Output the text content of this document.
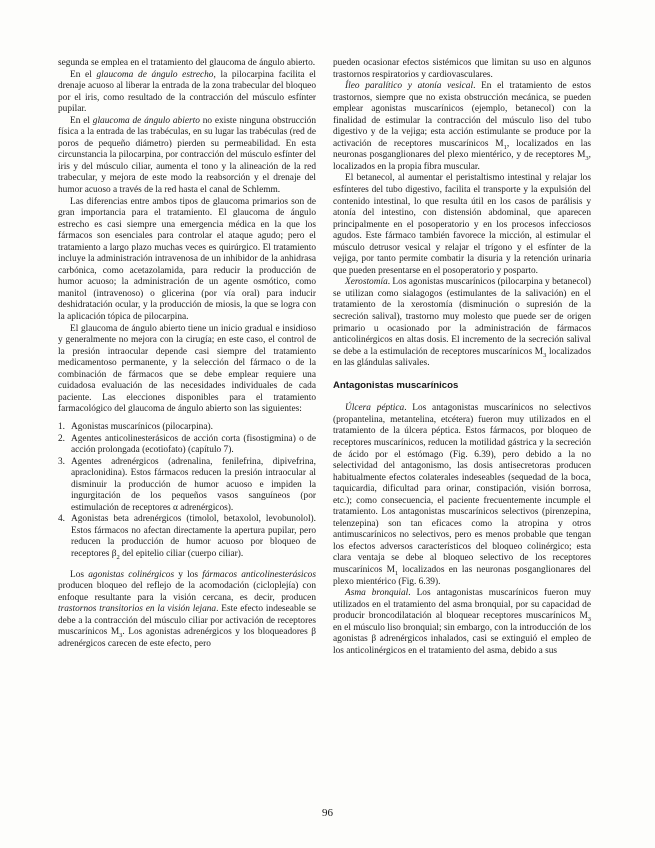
segunda se emplea en el tratamiento del glaucoma de ángulo abierto.

En el glaucoma de ángulo estrecho, la pilocarpina facilita el drenaje acuoso al liberar la entrada de la zona trabecular del bloqueo por el iris, como resultado de la contracción del músculo esfínter pupilar.

En el glaucoma de ángulo abierto no existe ninguna obstrucción física a la entrada de las trabéculas, en su lugar las trabéculas (red de poros de pequeño diámetro) pierden su permeabilidad. En esta circunstancia la pilocarpina, por contracción del músculo esfínter del iris y del músculo ciliar, aumenta el tono y la alineación de la red trabecular, y mejora de este modo la reabsorción y el drenaje del humor acuoso a través de la red hasta el canal de Schlemm.

Las diferencias entre ambos tipos de glaucoma primarios son de gran importancia para el tratamiento. El glaucoma de ángulo estrecho es casi siempre una emergencia médica en la que los fármacos son esenciales para controlar el ataque agudo; pero el tratamiento a largo plazo muchas veces es quirúrgico. El tratamiento incluye la administración intravenosa de un inhibidor de la anhidrasa carbónica, como acetazolamida, para reducir la producción de humor acuoso; la administración de un agente osmótico, como manitol (intravenoso) o glicerina (por vía oral) para inducir deshidratación ocular, y la producción de miosis, la que se logra con la aplicación tópica de pilocarpina.

El glaucoma de ángulo abierto tiene un inicio gradual e insidioso y generalmente no mejora con la cirugía; en este caso, el control de la presión intraocular depende casi siempre del tratamiento medicamentoso permanente, y la selección del fármaco o de la combinación de fármacos que se debe emplear requiere una cuidadosa evaluación de las necesidades individuales de cada paciente. Las elecciones disponibles para el tratamiento farmacológico del glaucoma de ángulo abierto son las siguientes:

1. Agonistas muscarínicos (pilocarpina).
2. Agentes anticolinesterásicos de acción corta (fisostigmina) o de acción prolongada (ecotiofato) (capítulo 7).
3. Agentes adrenérgicos (adrenalina, fenilefrina, dipivefrina, apraclonidina). Estos fármacos reducen la presión intraocular al disminuir la producción de humor acuoso e impiden la ingurgitación de los pequeños vasos sanguíneos (por estimulación de receptores α adrenérgicos).
4. Agonistas beta adrenérgicos (timolol, betaxolol, levobunolol). Estos fármacos no afectan directamente la apertura pupilar, pero reducen la producción de humor acuoso por bloqueo de receptores $\beta_2$ del epitelio ciliar (cuerpo ciliar).

Los agonistas colinérgicos y los fármacos anticolinesterásicos producen bloqueo del reflejo de la acomodación (cicloplejía) con enfoque resultante para la visión cercana, es decir, producen trastornos transitorios en la visión lejana. Este efecto indeseable se debe a la contracción del músculo ciliar por activación de receptores muscarínicos $M_3$. Los agonistas adrenérgicos y los bloqueadores β adrenérgicos carecen de este efecto, pero

pueden ocasionar efectos sistémicos que limitan su uso en algunos trastornos respiratorios y cardiovasculares.

Íleo paralítico y atonía vesical. En el tratamiento de estos trastornos, siempre que no exista obstrucción mecánica, se pueden emplear agonistas muscarínicos (ejemplo, betanecol) con la finalidad de estimular la contracción del músculo liso del tubo digestivo y de la vejiga; esta acción estimulante se produce por la activación de receptores muscarínicos $M_1$, localizados en las neuronas posganglionares del plexo mientérico, y de receptores $M_3$, localizados en la propia fibra muscular.

El betanecol, al aumentar el peristaltismo intestinal y relajar los esfínteres del tubo digestivo, facilita el transporte y la expulsión del contenido intestinal, lo que resulta útil en los casos de parálisis y atonía del intestino, con distensión abdominal, que aparecen principalmente en el posoperatorio y en los procesos infecciosos agudos. Este fármaco también favorece la micción, al estimular el músculo detrusor vesical y relajar el trígono y el esfínter de la vejiga, por tanto permite combatir la disuria y la retención urinaria que pueden presentarse en el posoperatorio y posparto.

Xerostomía. Los agonistas muscarínicos (pilocarpina y betanecol) se utilizan como sialagogos (estimulantes de la salivación) en el tratamiento de la xerostomía (disminución o supresión de la secreción salival), trastorno muy molesto que puede ser de origen primario u ocasionado por la administración de fármacos anticolinérgicos en altas dosis. El incremento de la secreción salival se debe a la estimulación de receptores muscarínicos $M_3$ localizados en las glándulas salivales.

Antagonistas muscarínicos

Úlcera péptica. Los antagonistas muscarínicos no selectivos (propantelina, metantelina, etcétera) fueron muy utilizados en el tratamiento de la úlcera péptica. Estos fármacos, por bloqueo de receptores muscarínicos, reducen la motilidad gástrica y la secreción de ácido por el estómago (Fig. 6.39), pero debido a la no selectividad del antagonismo, las dosis antisecretoras producen habitualmente efectos colaterales indeseables (sequedad de la boca, taquicardia, dificultad para orinar, constipación, visión borrosa, etc.); como consecuencia, el paciente frecuentemente incumple el tratamiento. Los antagonistas muscarínicos selectivos (pirenzepina, telenzepina) son tan eficaces como la atropina y otros antimuscarínicos no selectivos, pero es menos probable que tengan los efectos adversos característicos del bloqueo colinérgico; esta clara ventaja se debe al bloqueo selectivo de los receptores muscarínicos $M_1$ localizados en las neuronas posganglionares del plexo mientérico (Fig. 6.39).

Asma bronquial. Los antagonistas muscarínicos fueron muy utilizados en el tratamiento del asma bronquial, por su capacidad de producir broncodilatación al bloquear receptores muscarínicos $M_3$ en el músculo liso bronquial; sin embargo, con la introducción de los agonistas β adrenérgicos inhalados, casi se extinguió el empleo de los anticolinérgicos en el tratamiento del asma, debido a sus

96
